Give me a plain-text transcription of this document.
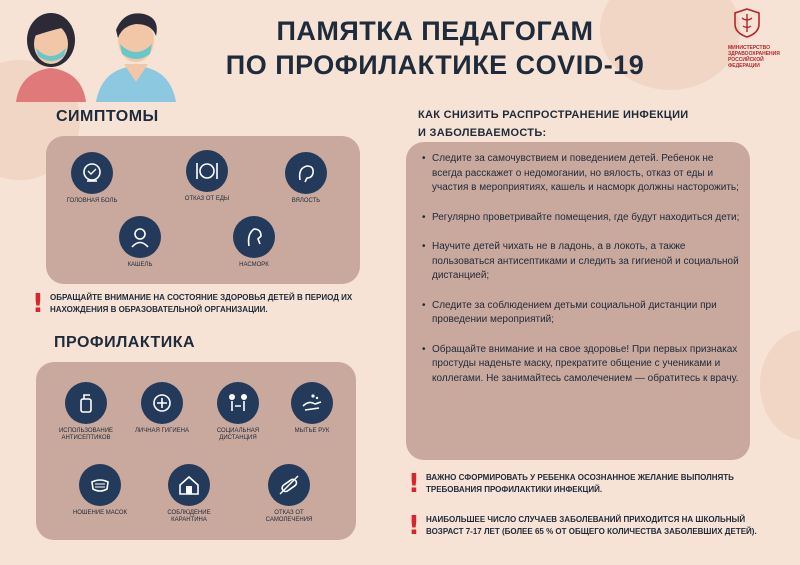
ПАМЯТКА ПЕДАГОГАМ
ПО ПРОФИЛАКТИКЕ COVID-19
МИНИСТЕРСТВО
ЗДРАВООХРАНЕНИЯ
РОССИЙСКОЙ ФЕДЕРАЦИИ
СИМПТОМЫ
ГОЛОВНАЯ БОЛЬ	ОТКАЗ ОТ ЕДЫ	ВЯЛОСТЬ
КАШЕЛЬ	НАСМОРК
! ОБРАЩАЙТЕ ВНИМАНИЕ НА СОСТОЯНИЕ ЗДОРОВЬЯ ДЕТЕЙ В ПЕРИОД ИХ НАХОЖДЕНИЯ В ОБРАЗОВАТЕЛЬНОЙ ОРГАНИЗАЦИИ.
ПРОФИЛАКТИКА
ИСПОЛЬЗОВАНИЕ АНТИСЕПТИКОВ
ЛИЧНАЯ ГИГИЕНА	СОЦИАЛЬНАЯ ДИСТАНЦИЯ
МЫТЬЕ РУК
НОШЕНИЕ МАСОК	СОБЛЮДЕНИЕ КАРАНТИНА
ОТКАЗ ОТ САМОЛЕЧЕНИЯ
КАК СНИЗИТЬ РАСПРОСТРАНЕНИЕ ИНФЕКЦИИ
И ЗАБОЛЕВАЕМОСТЬ:
• Следите за самочувствием и поведением детей. Ребенок не всегда расскажет о недомогании, но вялость, отказ от еды и участия в мероприятиях, кашель и насморк должны насторожить;
• Регулярно проветривайте помещения, где будут находиться дети;
• Научите детей чихать не в ладонь, а в локоть, а также пользоваться антисептиками и следить за гигиеной и социальной дистанцией;
• Следите за соблюдением детьми социальной дистанции при проведении мероприятий;
• Обращайте внимание и на свое здоровье! При первых признаках простуды наденьте маску, прекратите общение с учениками и коллегами. Не занимайтесь самолечением — обратитесь к врачу.
! ВАЖНО СФОРМИРОВАТЬ У РЕБЕНКА ОСОЗНАННОЕ ЖЕЛАНИЕ ВЫПОЛНЯТЬ ТРЕБОВАНИЯ ПРОФИЛАКТИКИ ИНФЕКЦИЙ.
! НАИБОЛЬШЕЕ ЧИСЛО СЛУЧАЕВ ЗАБОЛЕВАНИЙ ПРИХОДИТСЯ НА ШКОЛЬНЫЙ ВОЗРАСТ 7-17 ЛЕТ (БОЛЕЕ 65 % ОТ ОБЩЕГО КОЛИЧЕСТВА ЗАБОЛЕВШИХ ДЕТЕЙ).
